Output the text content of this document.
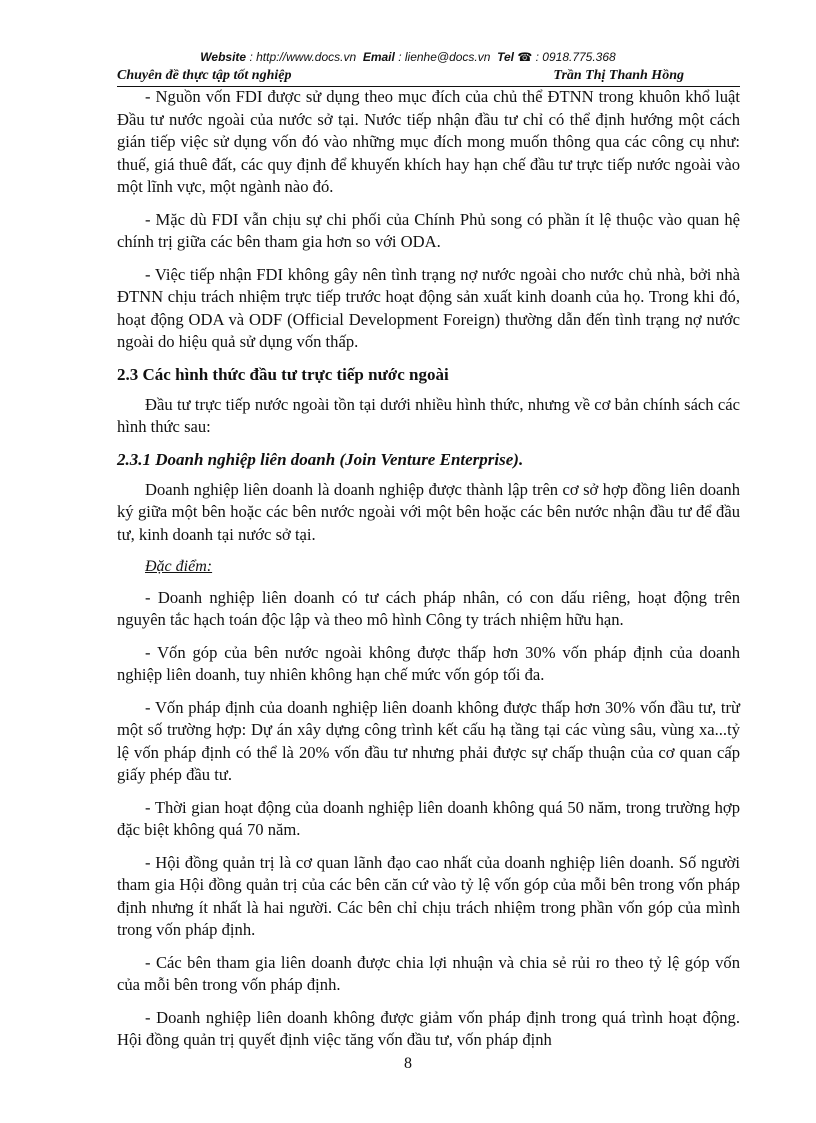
Website : http://www.docs.vn Email : lienhe@docs.vn Tel ☎ : 0918.775.368
Chuyên đề thực tập tốt nghiệp	Trần Thị Thanh Hồng

- Nguồn vốn FDI được sử dụng theo mục đích của chủ thể ĐTNN trong khuôn khổ luật Đầu tư nước ngoài của nước sở tại. Nước tiếp nhận đầu tư chỉ có thể định hướng một cách gián tiếp việc sử dụng vốn đó vào những mục đích mong muốn thông qua các công cụ như: thuế, giá thuê đất, các quy định để khuyến khích hay hạn chế đầu tư trực tiếp nước ngoài vào một lĩnh vực, một ngành nào đó.

- Mặc dù FDI vẫn chịu sự chi phối của Chính Phủ song có phần ít lệ thuộc vào quan hệ chính trị giữa các bên tham gia hơn so với ODA.

- Việc tiếp nhận FDI không gây nên tình trạng nợ nước ngoài cho nước chủ nhà, bởi nhà ĐTNN chịu trách nhiệm trực tiếp trước hoạt động sản xuất kinh doanh của họ. Trong khi đó, hoạt động ODA và ODF (Official Development Foreign) thường dẫn đến tình trạng nợ nước ngoài do hiệu quả sử dụng vốn thấp.

2.3 Các hình thức đầu tư trực tiếp nước ngoài

Đầu tư trực tiếp nước ngoài tồn tại dưới nhiều hình thức, nhưng về cơ bản chính sách các hình thức sau:

2.3.1 Doanh nghiệp liên doanh (Join Venture Enterprise).

Doanh nghiệp liên doanh là doanh nghiệp được thành lập trên cơ sở hợp đồng liên doanh ký giữa một bên hoặc các bên nước ngoài với một bên hoặc các bên nước nhận đầu tư để đầu tư, kinh doanh tại nước sở tại.

Đặc điểm:

- Doanh nghiệp liên doanh có tư cách pháp nhân, có con dấu riêng, hoạt động trên nguyên tắc hạch toán độc lập và theo mô hình Công ty trách nhiệm hữu hạn.

- Vốn góp của bên nước ngoài không được thấp hơn 30% vốn pháp định của doanh nghiệp liên doanh, tuy nhiên không hạn chế mức vốn góp tối đa.

- Vốn pháp định của doanh nghiệp liên doanh không được thấp hơn 30% vốn đầu tư, trừ một số trường hợp: Dự án xây dựng công trình kết cấu hạ tầng tại các vùng sâu, vùng xa...tỷ lệ vốn pháp định có thể là 20% vốn đầu tư nhưng phải được sự chấp thuận của cơ quan cấp giấy phép đầu tư.

- Thời gian hoạt động của doanh nghiệp liên doanh không quá 50 năm, trong trường hợp đặc biệt không quá 70 năm.

- Hội đồng quản trị là cơ quan lãnh đạo cao nhất của doanh nghiệp liên doanh. Số người tham gia Hội đồng quản trị của các bên căn cứ vào tỷ lệ vốn góp của mỗi bên trong vốn pháp định nhưng ít nhất là hai người. Các bên chỉ chịu trách nhiệm trong phần vốn góp của mình trong vốn pháp định.

- Các bên tham gia liên doanh được chia lợi nhuận và chia sẻ rủi ro theo tỷ lệ góp vốn của mỗi bên trong vốn pháp định.

- Doanh nghiệp liên doanh không được giảm vốn pháp định trong quá trình hoạt động. Hội đồng quản trị quyết định việc tăng vốn đầu tư, vốn pháp định

8
